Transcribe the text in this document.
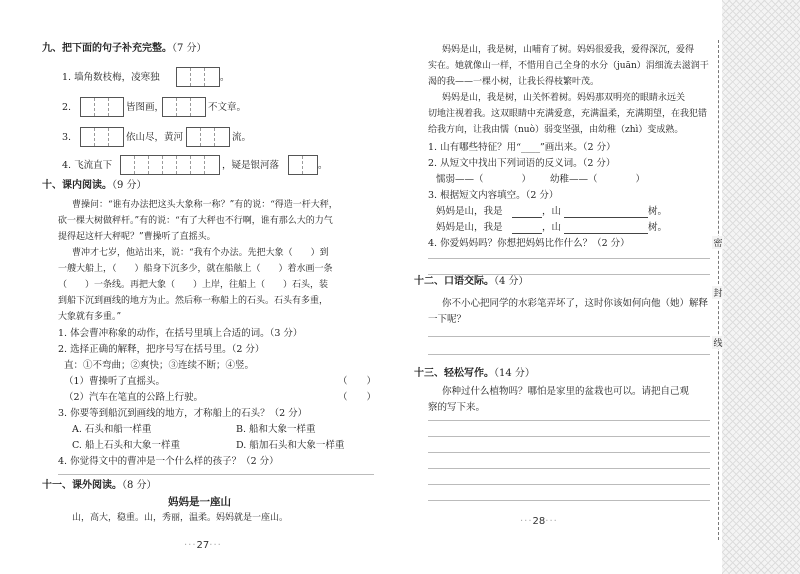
九、把下面的句子补充完整。（7 分）
1. 墙角数枝梅，凌寒独	。
2.	皆图画，	不文章。
3.	依山尽，黄河	流。
4. 飞流直下	，疑是银河落	。
十、课内阅读。（9 分）
曹操问：“谁有办法把这头大象称一称？”有的说：“得造一杆大秤，
砍一棵大树做秤杆。”有的说：“有了大秤也不行啊，谁有那么大的力气
提得起这杆大秤呢？”曹操听了直摇头。
曹冲才七岁，他站出来，说：“我有个办法。先把大象（　　）到
一艘大船上，（　　）船身下沉多少，就在船舷上（　　）着水画一条
（　　）一条线。再把大象（　　）上岸，往船上（　　）石头，装
到船下沉到画线的地方为止。然后称一称船上的石头。石头有多重，
大象就有多重。”
1. 体会曹冲称象的动作，在括号里填上合适的词。（3 分）
2. 选择正确的解释，把序号写在括号里。（2 分）
直：①不弯曲；②爽快；③连续不断；④竖。
（1）曹操听了直摇头。	（　　）
（2）汽车在笔直的公路上行驶。	（　　）
3. 你要等到船沉到画线的地方，才称船上的石头？（2 分）
A. 石头和船一样重	B. 船和大象一样重
C. 船上石头和大象一样重	D. 船加石头和大象一样重
4. 你觉得文中的曹冲是一个什么样的孩子？（2 分）
十一、课外阅读。（8 分）
妈妈是一座山
山，高大，稳重。山，秀丽，温柔。妈妈就是一座山。
···27···
妈妈是山，我是树，山哺育了树。妈妈很爱我，爱得深沉，爱得
实在。她就像山一样，不惜用自己全身的水分（juān）涓细流去滋润干
渴的我——一棵小树，让我长得枝繁叶茂。
妈妈是山，我是树，山关怀着树。妈妈那双明亮的眼睛永远关
切地注视着我。这双眼睛中充满爱意，充满温柔，充满期望，在我犯错
给我方向，让我由懦（nuò）弱变坚强，由幼稚（zhì）变成熟。
1. 山有哪些特征？用“____”画出来。（2 分）
2. 从短文中找出下列词语的反义词。（2 分）
懦弱——（　　　　） 幼稚——（　　　　）
3. 根据短文内容填空。（2 分）
妈妈是山，我是	，山	树。
妈妈是山，我是	，山	树。
4. 你爱妈妈吗？你想把妈妈比作什么？（2 分）
十二、口语交际。（4 分）
你不小心把同学的水彩笔弄坏了，这时你该如何向他（她）解释
一下呢？
十三、轻松写作。（14 分）
你种过什么植物吗？哪怕是家里的盆栽也可以。请把自己观
察的写下来。
···28···
密
封
线
